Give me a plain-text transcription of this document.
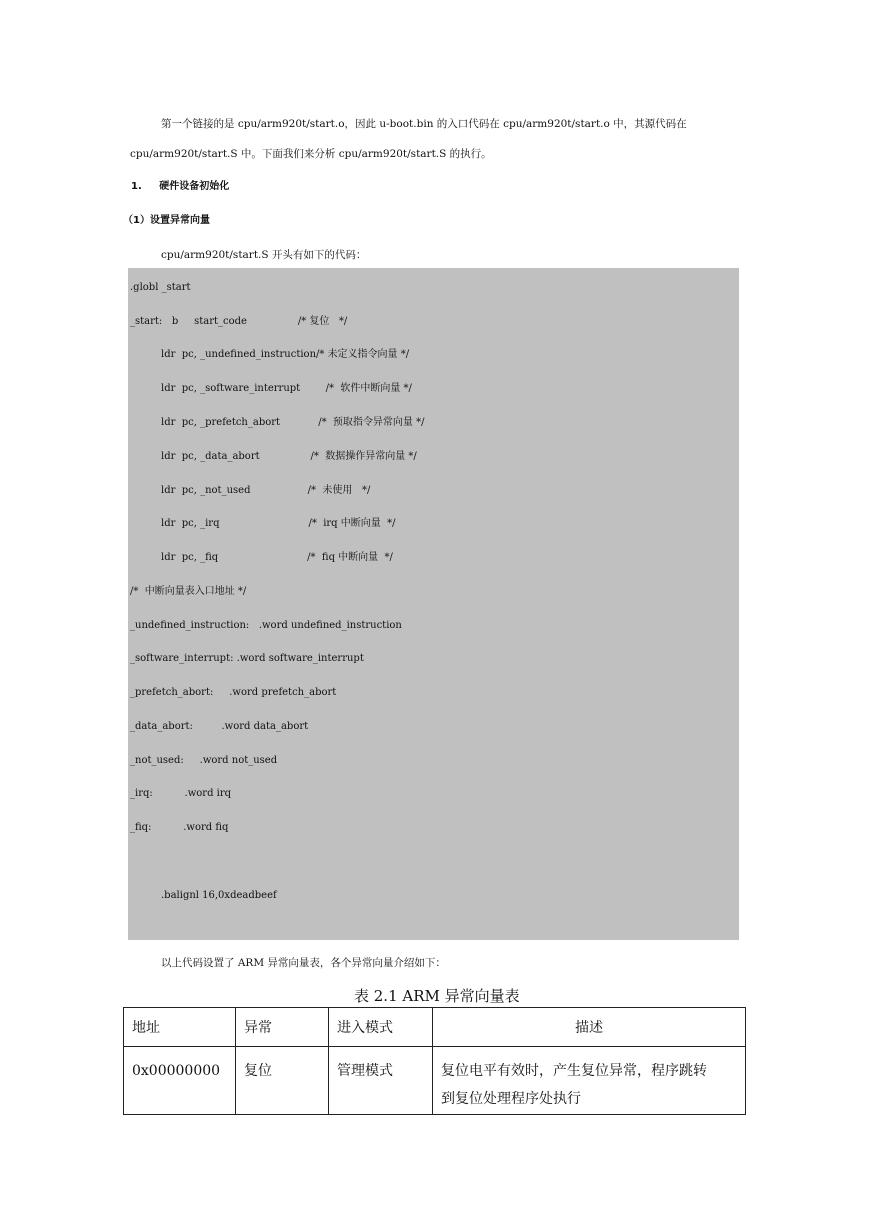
第一个链接的是 cpu/arm920t/start.o，因此 u-boot.bin 的入口代码在 cpu/arm920t/start.o 中，其源代码在
cpu/arm920t/start.S 中。下面我们来分析 cpu/arm920t/start.S 的执行。
1. 硬件设备初始化
（1）设置异常向量
cpu/arm920t/start.S 开头有如下的代码：
.globl _start
_start:   b     start_code                /* 复位   */
ldr  pc, _undefined_instruction/* 未定义指令向量 */
ldr  pc, _software_interrupt        /*  软件中断向量 */
ldr  pc, _prefetch_abort            /*  预取指令异常向量 */
ldr  pc, _data_abort                /*  数据操作异常向量 */
ldr  pc, _not_used                  /*  未使用   */
ldr  pc, _irq                            /*  irq 中断向量  */
ldr  pc, _fiq                            /*  fiq 中断向量  */
/*  中断向量表入口地址 */
_undefined_instruction:   .word undefined_instruction
_software_interrupt: .word software_interrupt
_prefetch_abort:     .word prefetch_abort
_data_abort:         .word data_abort
_not_used:     .word not_used
_irq:          .word irq
_fiq:          .word fiq
.balignl 16,0xdeadbeef
以上代码设置了 ARM 异常向量表，各个异常向量介绍如下：
表 2.1 ARM 异常向量表
地址	异常	进入模式	描述
0x00000000	复位	管理模式	复位电平有效时，产生复位异常，程序跳转
到复位处理程序处执行
